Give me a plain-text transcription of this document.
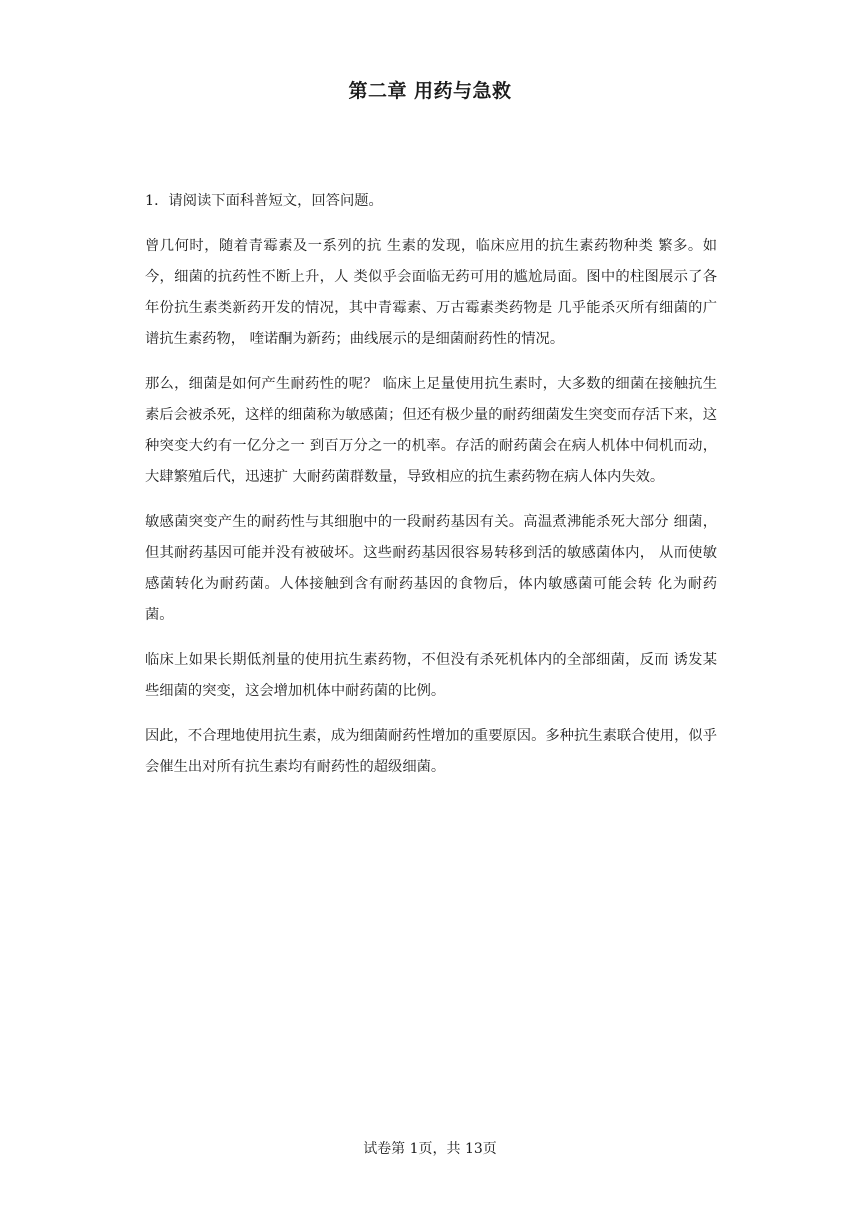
第二章 用药与急救

1．请阅读下面科普短文，回答问题。

曾几何时，随着青霉素及一系列的抗 生素的发现，临床应用的抗生素药物种类 繁多。如今，细菌的抗药性不断上升，人 类似乎会面临无药可用的尴尬局面。图中的柱图展示了各年份抗生素类新药开发的情况，其中青霉素、万古霉素类药物是 几乎能杀灭所有细菌的广谱抗生素药物， 喹诺酮为新药；曲线展示的是细菌耐药性的情况。

那么，细菌是如何产生耐药性的呢？ 临床上足量使用抗生素时，大多数的细菌在接触抗生素后会被杀死，这样的细菌称为敏感菌；但还有极少量的耐药细菌发生突变而存活下来，这种突变大约有一亿分之一 到百万分之一的机率。存活的耐药菌会在病人机体中伺机而动，大肆繁殖后代，迅速扩 大耐药菌群数量，导致相应的抗生素药物在病人体内失效。

敏感菌突变产生的耐药性与其细胞中的一段耐药基因有关。高温煮沸能杀死大部分 细菌，但其耐药基因可能并没有被破坏。这些耐药基因很容易转移到活的敏感菌体内， 从而使敏感菌转化为耐药菌。人体接触到含有耐药基因的食物后，体内敏感菌可能会转 化为耐药菌。

临床上如果长期低剂量的使用抗生素药物，不但没有杀死机体内的全部细菌，反而 诱发某些细菌的突变，这会增加机体中耐药菌的比例。

因此，不合理地使用抗生素，成为细菌耐药性增加的重要原因。多种抗生素联合使用，似乎会催生出对所有抗生素均有耐药性的超级细菌。

试卷第 1页，共 13页
